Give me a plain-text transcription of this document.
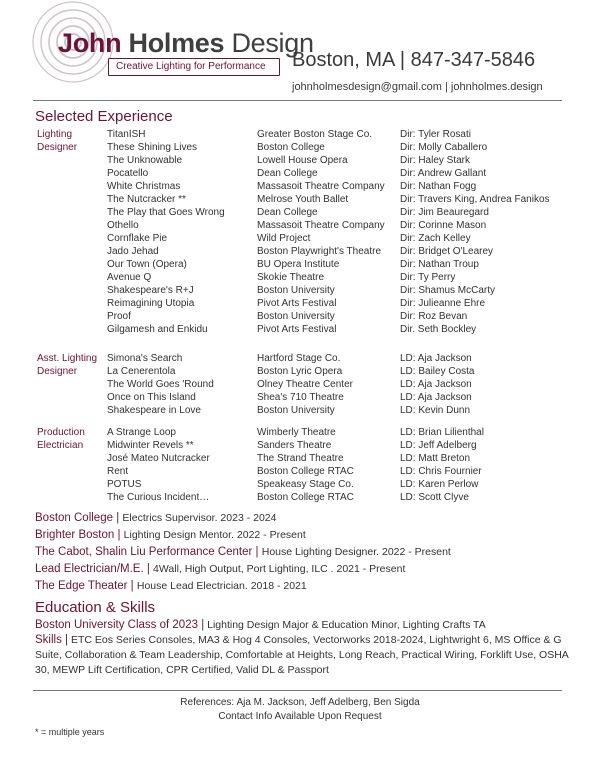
John Holmes Design
Creative Lighting for Performance	Boston, MA | 847-347-5846
johnholmesdesign@gmail.com | johnholmes.design
Selected Experience
Lighting Designer
TitanISH
These Shining Lives
The Unknowable
Pocatello
White Christmas
The Nutcracker **
The Play that Goes Wrong
Othello
Cornflake Pie
Jado Jehad
Our Town (Opera)
Avenue Q
Shakespeare's R+J
Reimagining Utopia
Proof
Gilgamesh and Enkidu
Greater Boston Stage Co.
Boston College
Lowell House Opera
Dean College
Massasoit Theatre Company
Melrose Youth Ballet
Dean College
Massasoit Theatre Company
Wild Project
Boston Playwright's Theatre
BU Opera Institute
Skokie Theatre
Boston University
Pivot Arts Festival
Boston University
Pivot Arts Festival
Dir: Tyler Rosati
Dir: Molly Caballero
Dir: Haley Stark
Dir: Andrew Gallant
Dir: Nathan Fogg
Dir: Travers King, Andrea Fanikos
Dir: Jim Beauregard
Dir: Corinne Mason
Dir: Zach Kelley
Dir: Bridget O'Learey
Dir: Nathan Troup
Dir: Ty Perry
Dir: Shamus McCarty
Dir: Julieanne Ehre
Dir: Roz Bevan
Dir. Seth Bockley
Asst. Lighting Designer
Simona's Search
La Cenerentola
The World Goes 'Round
Once on This Island
Shakespeare in Love
Hartford Stage Co.
Boston Lyric Opera
Olney Theatre Center
Shea's 710 Theatre
Boston University
LD: Aja Jackson
LD: Bailey Costa
LD: Aja Jackson
LD: Aja Jackson
LD: Kevin Dunn
Production Electrician
A Strange Loop
Midwinter Revels **
José Mateo Nutcracker
Rent
POTUS
The Curious Incident…
Wimberly Theatre
Sanders Theatre
The Strand Theatre
Boston College RTAC
Speakeasy Stage Co.
Boston College RTAC
LD: Brian Lilienthal
LD: Jeff Adelberg
LD: Matt Breton
LD: Chris Fournier
LD: Karen Perlow
LD: Scott Clyve
Boston College | Electrics Supervisor. 2023 - 2024
Brighter Boston | Lighting Design Mentor. 2022 - Present
The Cabot, Shalin Liu Performance Center | House Lighting Designer. 2022 - Present
Lead Electrician/M.E. | 4Wall, High Output, Port Lighting, ILC . 2021 - Present
The Edge Theater | House Lead Electrician. 2018 - 2021
Education & Skills
Boston University Class of 2023 | Lighting Design Major & Education Minor, Lighting Crafts TA
Skills | ETC Eos Series Consoles, MA3 & Hog 4 Consoles, Vectorworks 2018-2024, Lightwright 6, MS Office & G Suite, Collaboration & Team Leadership, Comfortable at Heights, Long Reach, Practical Wiring, Forklift Use, OSHA 30, MEWP Lift Certification, CPR Certified, Valid DL & Passport
References: Aja M. Jackson, Jeff Adelberg, Ben Sigda
Contact Info Available Upon Request
* = multiple years
